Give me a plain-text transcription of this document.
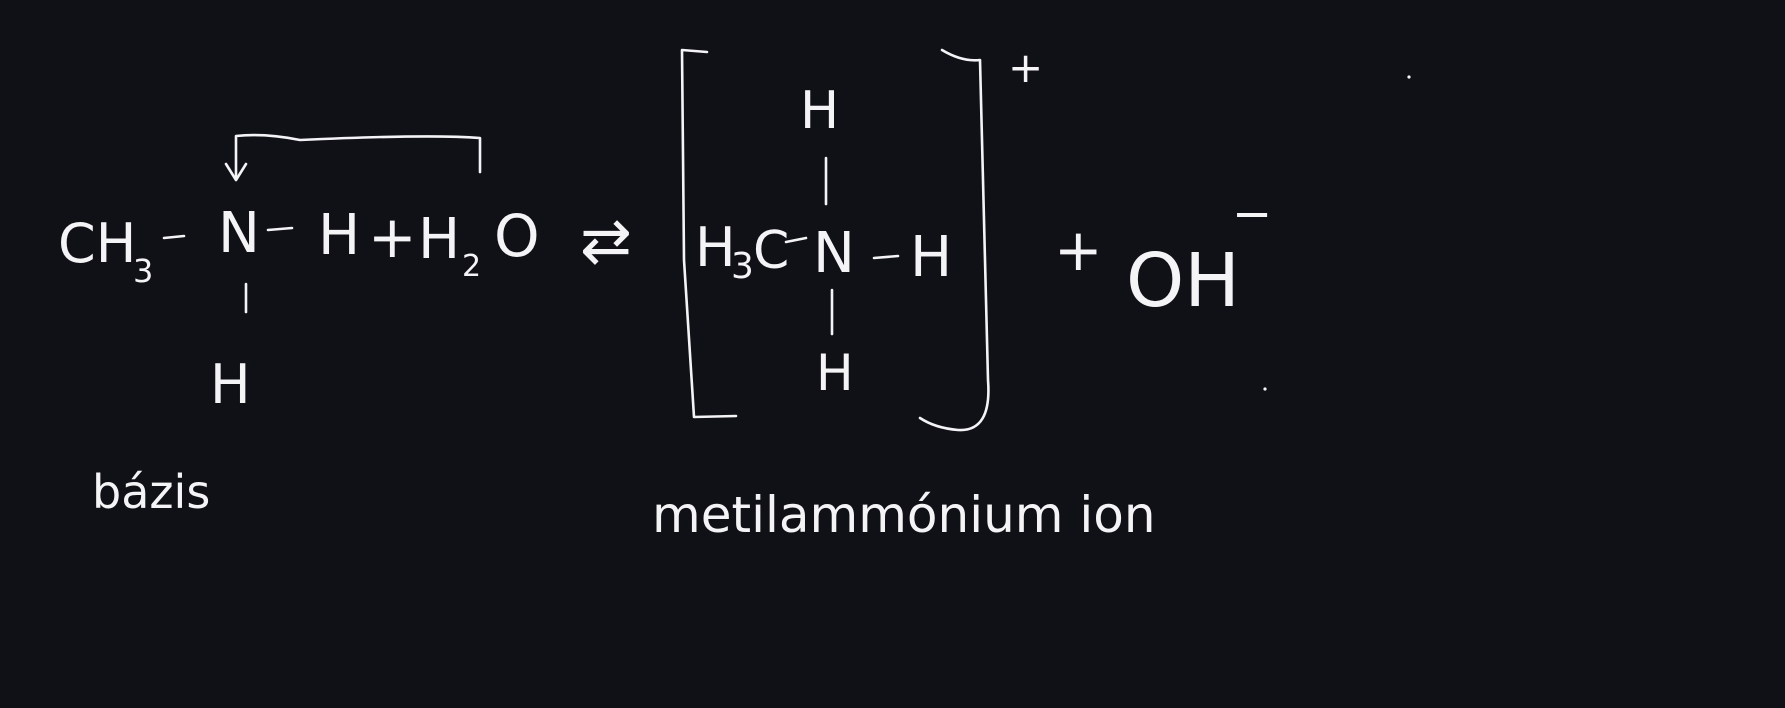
CH
3
N H
H
+ H 2 O
bázis
⇄
+
H
H
3 C N H
H
+ OH
−
metilammónium ion
